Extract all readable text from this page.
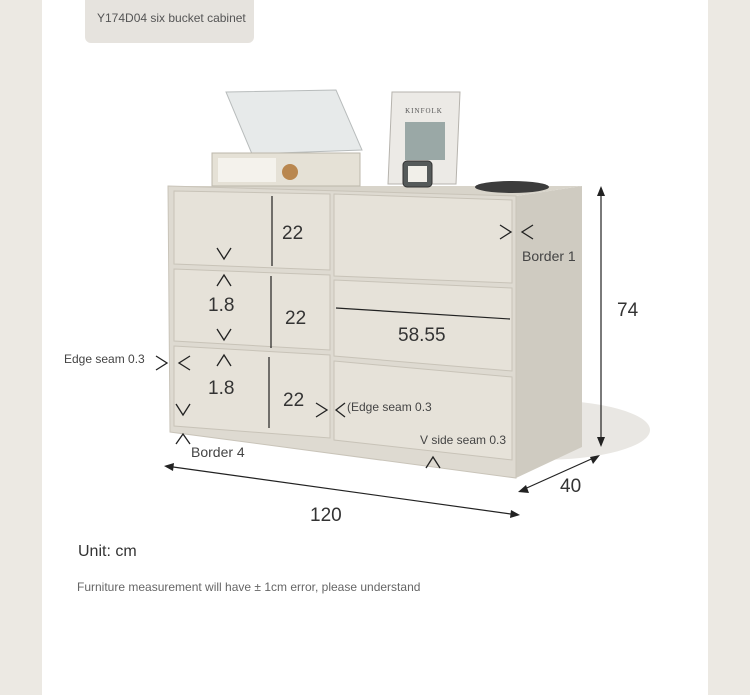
Y174D04 six bucket cabinet
KINFOLK
22
22
22
1.8
1.8
58.55
74
120
40
Border 1
Border 4
Edge seam 0.3
(Edge seam 0.3
V side seam 0.3
Unit: cm
Furniture measurement will have ± 1cm error, please understand
